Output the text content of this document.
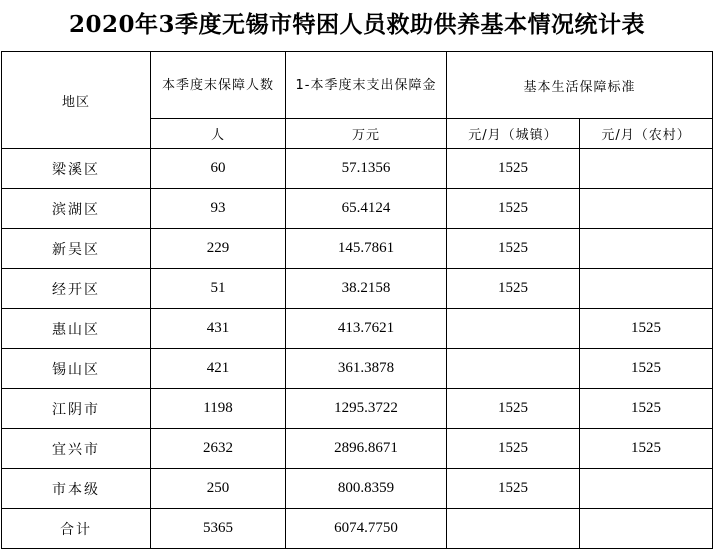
2020年3季度无锡市特困人员救助供养基本情况统计表
地区	本季度末保障人数	1-本季度末支出保障金	基本生活保障标准	
	人	万元	元/月（城镇）	元/月（农村）
梁溪区	60	57.1356	1525	
滨湖区	93	65.4124	1525	
新吴区	229	145.7861	1525	
经开区	51	38.2158	1525	
惠山区	431	413.7621		1525
锡山区	421	361.3878		1525
江阴市	1198	1295.3722	1525	1525
宜兴市	2632	2896.8671	1525	1525
市本级	250	800.8359	1525	
合计	5365	6074.7750		
